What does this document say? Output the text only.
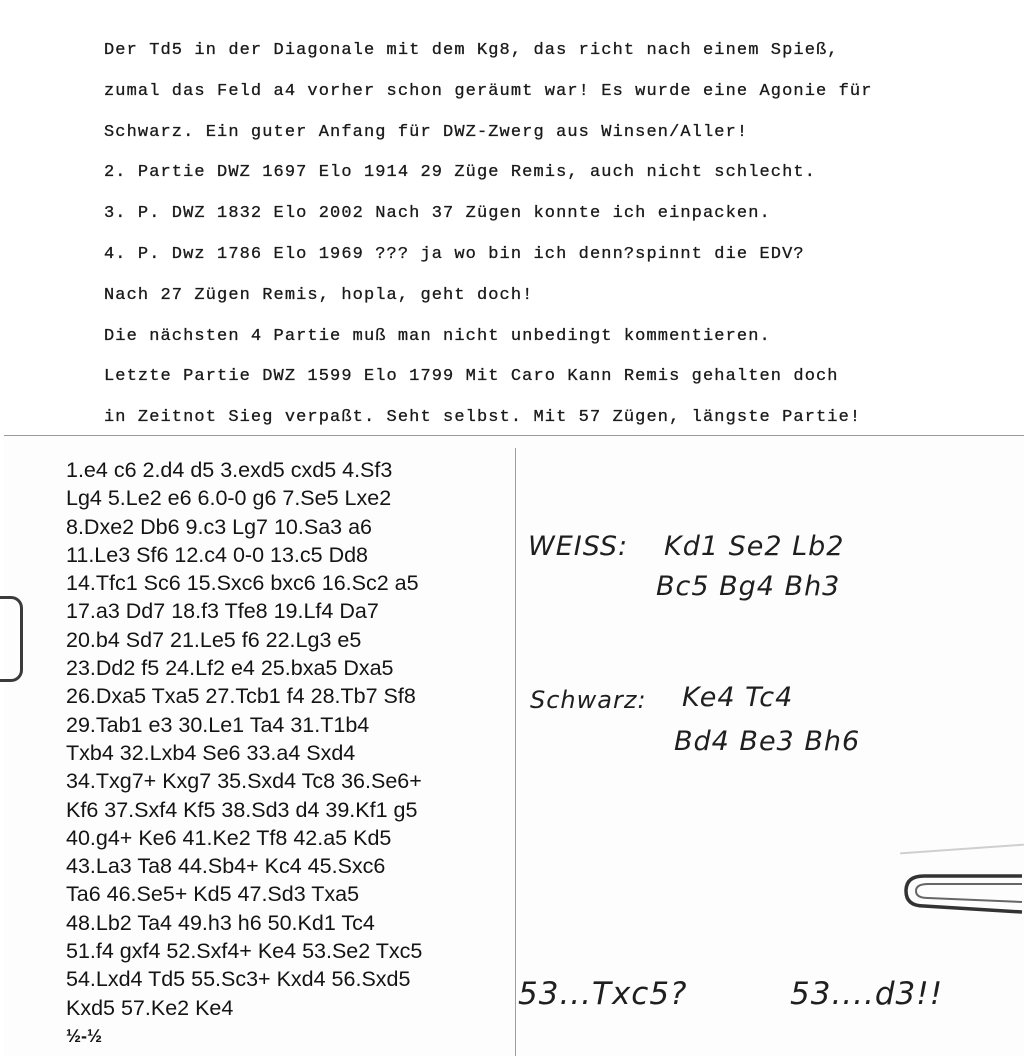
Der Td5 in der Diagonale mit dem Kg8, das richt nach einem Spieß,

zumal das Feld a4 vorher schon geräumt war! Es wurde eine Agonie für

Schwarz. Ein guter Anfang für DWZ-Zwerg aus Winsen/Aller!

2. Partie DWZ 1697 Elo 1914 29 Züge Remis, auch nicht schlecht.

3. P. DWZ 1832 Elo 2002 Nach 37 Zügen konnte ich einpacken.

4. P. Dwz 1786 Elo 1969 ??? ja wo bin ich denn?spinnt die EDV?

Nach 27 Zügen Remis, hopla, geht doch!

Die nächsten 4 Partie muß man nicht unbedingt kommentieren.

Letzte Partie DWZ 1599 Elo 1799 Mit Caro Kann Remis gehalten doch

in Zeitnot Sieg verpaßt. Seht selbst. Mit 57 Zügen, längste Partie!

1.e4 c6 2.d4 d5 3.exd5 cxd5 4.Sf3
Lg4 5.Le2 e6 6.0-0 g6 7.Se5 Lxe2
8.Dxe2 Db6 9.c3 Lg7 10.Sa3 a6
11.Le3 Sf6 12.c4 0-0 13.c5 Dd8
14.Tfc1 Sc6 15.Sxc6 bxc6 16.Sc2 a5
17.a3 Dd7 18.f3 Tfe8 19.Lf4 Da7
20.b4 Sd7 21.Le5 f6 22.Lg3 e5
23.Dd2 f5 24.Lf2 e4 25.bxa5 Dxa5
26.Dxa5 Txa5 27.Tcb1 f4 28.Tb7 Sf8
29.Tab1 e3 30.Le1 Ta4 31.T1b4
Txb4 32.Lxb4 Se6 33.a4 Sxd4
34.Txg7+ Kxg7 35.Sxd4 Tc8 36.Se6+
Kf6 37.Sxf4 Kf5 38.Sd3 d4 39.Kf1 g5
40.g4+ Ke6 41.Ke2 Tf8 42.a5 Kd5
43.La3 Ta8 44.Sb4+ Kc4 45.Sxc6
Ta6 46.Se5+ Kd5 47.Sd3 Txa5
48.Lb2 Ta4 49.h3 h6 50.Kd1 Tc4
51.f4 gxf4 52.Sxf4+ Ke4 53.Se2 Txc5
54.Lxd4 Td5 55.Sc3+ Kxd4 56.Sxd5
Kxd5 57.Ke2 Ke4
½-½
WEISS: Kd1 Se2 Lb2
Bc5 Bg4 Bh3
Schwarz: Ke4 Tc4
Bd4 Be3 Bh6
53...Txc5?	53....d3!!
